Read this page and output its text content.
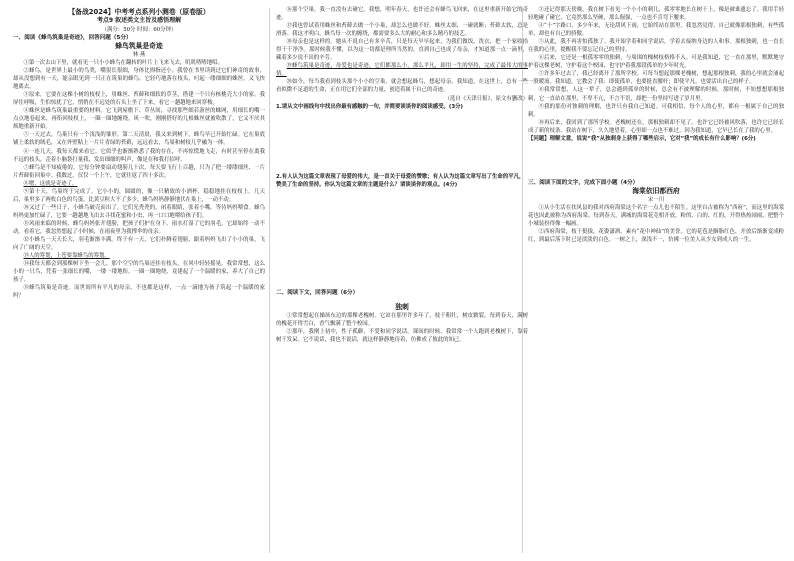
【备战2024】中考考点系列小测卷（原卷版）
考点9 叙述类文主旨及感悟理解
（满分：50分 时间：60分钟）

一、阅读《蜂鸟筑巢是奇迹》，回答问题（5分）

蜂鸟筑巢是奇迹

林 燕

①第一次去山下里，就看见一只小小蜂鸟在翻转的叶片上飞来飞去，叽叽喳喳地唱。

②蜂鸟，是世界上最小的鸟类，嘴很长很细，身体比拇指还小。我曾在书里读到过它们神奇的故事，却从没想到有一天，能亲眼见到一只正在筑巢的蜂鸟。它轻巧地落在枝头，叼起一缕细细的蛛丝，又飞快地离去。

③原来，它要在这棵小树的枝杈上，用蛛丝、苔藓和细软的草茎，搭建一个只有核桃壳大小的家。我屏住呼吸，生怕惊扰了它，悄悄在不远处的石头上坐了下来，看它一趟趟地来回穿梭。

④蛛丝是蜂鸟筑巢最重要的材料。它飞到屋檐下、草丛间，寻找那些细若游丝的蛛网，用细长的嘴一点点地卷起来，再衔回枝杈上，一圈一圈地缠绕。风一吹，刚刚搭好的几根蛛丝就被吹散了，它又不厌其烦地重新开始。

⑤一天过去，鸟巢只有一个浅浅的雏形。第二天清晨，我又来到树下，蜂鸟早已开始忙碌。它在巢底铺上柔软的绒毛，又在外壁粘上一片片青绿的苔藓，远远看去，鸟巢和树枝几乎融为一体。

⑥一连几天，我每天都来看它。它似乎也渐渐熟悉了我的存在，不再惊慌地飞走，有时甚至停在离我不远的枝头，歪着小脑袋打量我，发出细细的叫声，像是在和我打招呼。

⑦蜂鸟是不知疲倦的。它每分钟要扇动翅膀几十次，每天要飞行上百趟，只为了把一缕缕细丝、一片片苔藓衔回巢中。我数过，仅仅一个上午，它就往返了四十多次。

⑧嗯，这就是奇迹了。

⑨第十天，鸟巢终于完成了。它小小的，圆圆的，像一只精致的小酒杯，稳稳地挂在枝杈上。几天后，巢里多了两枚白色的鸟蛋，比黄豆粒大不了多少。蜂鸟妈妈静静地伏在巢上，一动不动。

⑩又过了一些日子，小蜂鸟破壳而出了。它们光秃秃的，闭着眼睛，张着小嘴，等待妈妈喂食。蜂鸟妈妈更加忙碌了，它要一趟趟地飞出去寻找花蜜和小虫，再一口口地喂给孩子们。

⑪风雨来临的时候，蜂鸟妈妈张开翅膀，把孩子们护在身下。雨水打湿了它的羽毛，它却始终一动不动。看着它，我忽然想起了小时候，在雨夜里为我撑伞的母亲。

⑫小蜂鸟一天天长大，羽毛渐渐丰满。终于有一天，它们扑腾着翅膀，跟着妈妈飞出了小小的巢，飞向了广阔的天空。

⑬人的筹划，上苍要靠蜂鸟的筹划。

⑭我每天都会到那棵树下坐一会儿。那个空空的鸟巢还挂在枝头，在风中轻轻摇晃。我常常想，这么小的一只鸟，凭着一张细长的嘴，一缕一缕地衔，一圈一圈地绕，竟建起了一个温暖的家，养大了自己的孩子。

⑮蜂鸟筑巢是奇迹。而世间所有平凡的母亲，不也都是这样，一点一滴地为孩子筑起一个温暖的家吗？

⑯那个空巢，我一直没有去碰它。我想，明年春天，也许还会有蜂鸟飞回来，在这里重新开始它的奇迹。

⑰我也曾试着用蛛丝和苔藓去做一个小巢，却怎么也做不好。蛛丝太细，一碰就断；苔藓太软，总是滑落。我这才明白，蜂鸟每一次的缠绕，都需要多么大的耐心和多么精巧的技艺。

⑱母亲也是这样的。她从不说自己有多辛苦，只是每天早早起来，为我们做饭、洗衣，把一个家收拾得干干净净。那时候我不懂，以为这一切都是理所当然的。直到自己也成了母亲，才知道那一点一滴里，藏着多少说不出的辛劳。

⑲蜂鸟筑巢是奇迹，母爱也是奇迹。它们都那么小，那么平凡，却用一生的坚持，完成了最伟大的事情。

⑳如今，每当我看到枝头那个小小的空巢，就会想起蜂鸟，想起母亲。我知道，在这世上，总有一些看似微不足道的生命，正在用它们全部的力量，创造着属于自己的奇迹。

（选自《天津日报》，原文有删改）

1.请从文中画线句中找出你最有感触的一句，并简要谈谈你的阅读感受。(3分)

2.有人认为这篇文章表现了母爱的伟大，是一首关于母爱的赞歌；有人认为这篇文章写出了生命的平凡，赞美了生命的坚持。你认为这篇文章的主题是什么？请谈谈你的观点。(4分)

二、阅读下文，回答问题（6分）

独刺

①常常想起在操场东边的那棵老槐树。它站在那里许多年了，枝干粗壮，树皮皲裂，每到春天，满树的槐花开得雪白，香气飘满了整个校园。

②那年，我刚上初中，性子孤僻，不爱和同学说话。课间的时候，我常常一个人跑到老槐树下，靠着树干发呆。它不说话，我也不说话，就这样静静地待着，仿佛成了彼此的知己。

③还记得那天傍晚，我在树下看见一个小小的刺儿，孤零零地长在树干上，像是被谁遗忘了。我用手轻轻地碰了碰它，它竟然那么坚硬，那么倔强，一点也不肯弯下腰来。

④“十”字路口，多少年来，无论刮风下雨，它始终站在那里。我忽然觉得，自己就像那根独刺，有些孤单，却也有自己的骄傲。

⑤从此，我不再害怕孤独了。我开始学着和同学说话，学着去接纳身边的人和事。那根独刺，也一直长在我的心里，提醒我不要忘记自己的坚持。

⑥后来，它还是一根孤零零的独刺，与周围的槐树枝格格不入。可是我知道，它一直在那里，默默地守护着这棵老树，守护着这个校园，也守护着我那段孤单的少年时光。

⑦许多年过去了，我已经离开了那所学校。可每当想起那棵老槐树，想起那根独刺，我的心里就会涌起一股暖流。我知道，它教会了我：即使孤单，也要挺直腰杆；即使平凡，也要活出自己的样子。

⑧我常常想，人这一辈子，总会遇到孤单的时候，总会有不被理解的时候。那时候，不妨想想那根独刺，它一直站在那里，不卑不亢，不言不语，却把一份坚持写进了岁月里。

⑨我的那份对独刺的理解，也许只有我自己知道。可我相信，每个人的心里，都有一根属于自己的独刺。

⑩再后来，我回到了那所学校。老槐树还在，那根独刺却不见了。也许它已经被风吹落，也许它已经长成了新的枝条。我站在树下，久久地望着，心里却一点也不难过。因为我知道，它早已长在了我的心里。

【问题】理解文意，说说“我”从独刺身上获得了哪些启示，它对“我”的成长有什么影响？(6分)

三、阅读下面的文字，完成下面小题（4分）

海棠依旧都西府

宋一川

①从小生活在扶风县的我对西府海棠这个名字一点儿也不陌生。这里自古被称为“西府”，而这里的海棠花也因此被称为西府海棠。每到春天，满城的海棠花竞相开放，粉的、白的、红的，开得热热闹闹，把整个小城装扮得像一幅画。

②西府海棠，枝干挺拔，花姿潇洒，素有“花中神仙”的美誉。它的花苞是胭脂红色，开放后渐渐变成粉红，到最后落下时已是淡淡的白色。一树之上，深浅不一，仿佛一位美人从少女到成人的一生。
